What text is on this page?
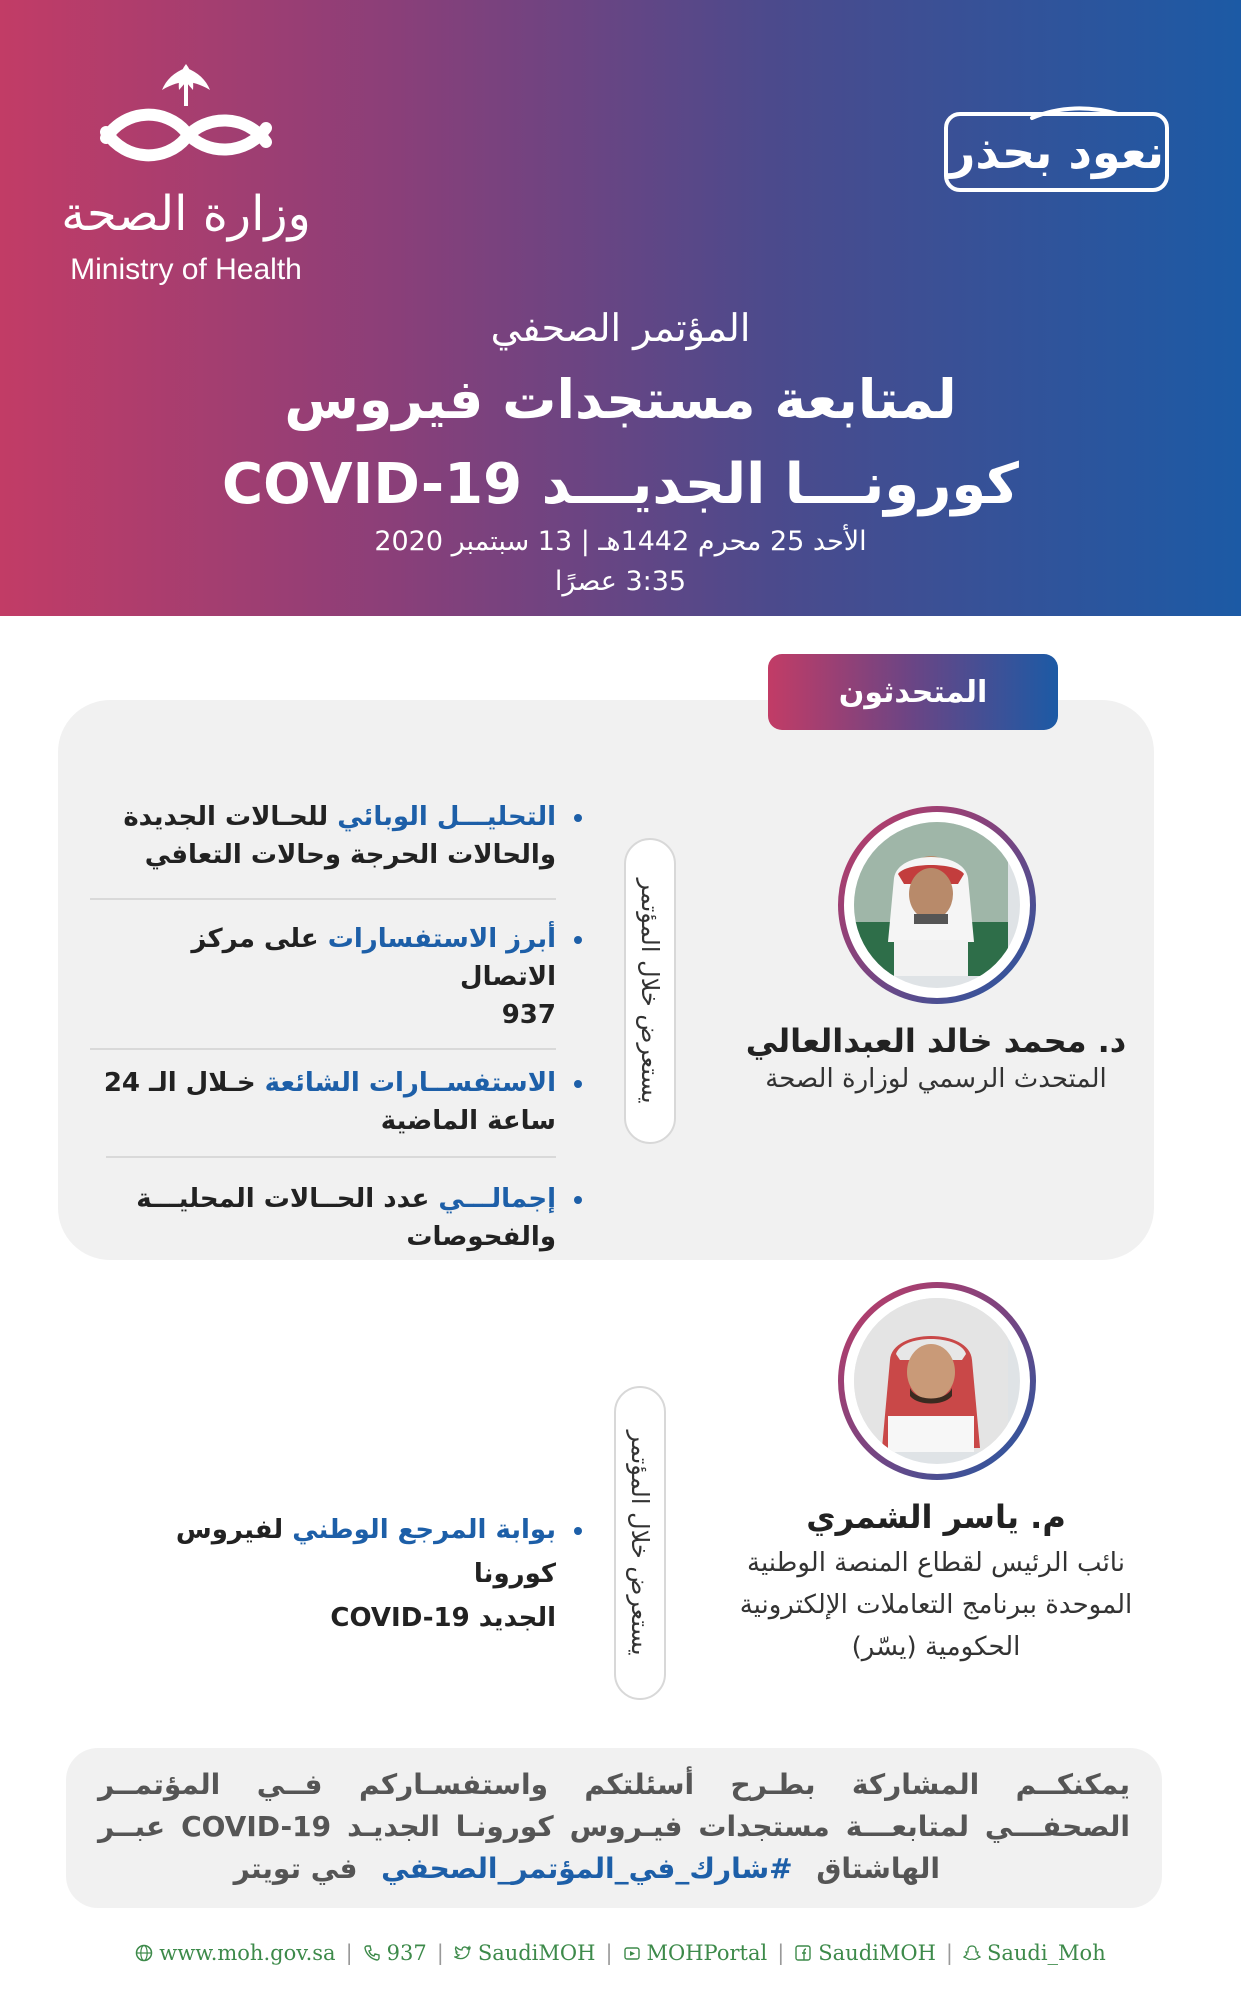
وزارة الصحة
Ministry of Health
نعود بحذر
المؤتمر الصحفي
لمتابعة مستجدات فيروس
كورونـــا الجديـــد COVID-19
الأحد 25 محرم 1442هـ | 13 سبتمبر 2020
3:35 عصرًا
المتحدثون
د. محمد خالد العبدالعالي
المتحدث الرسمي لوزارة الصحة
يستعرض خلال المؤتمر
التحليـــل الوبائي للحـالات الجديدة
والحالات الحرجة وحالات التعافي
أبرز الاستفسارات على مركز الاتصال
937
الاستفســارات الشائعة خـلال الـ 24
ساعة الماضية
إجمالـــي عدد الحــالات المحليـــة
والفحوصات
م. ياسر الشمري
نائب الرئيس لقطاع المنصة الوطنية
الموحدة ببرنامج التعاملات الإلكترونية
الحكومية (يسّر)
يستعرض خلال المؤتمر
بوابة المرجع الوطني لفيروس كورونا
الجديد COVID-19
يمكنكــم المشاركة بطـرح أسئلتكم واستفسـاركم فــي المؤتمــر
الصحفـــي لمتابعـــة مستجدات فيـروس كورونـا الجديـد COVID-19 عبــر
الهاشتاق #شارك_في_المؤتمر_الصحفي في تويتر
www.moh.gov.sa | 937 | SaudiMOH | MOHPortal | SaudiMOH | Saudi_Moh
